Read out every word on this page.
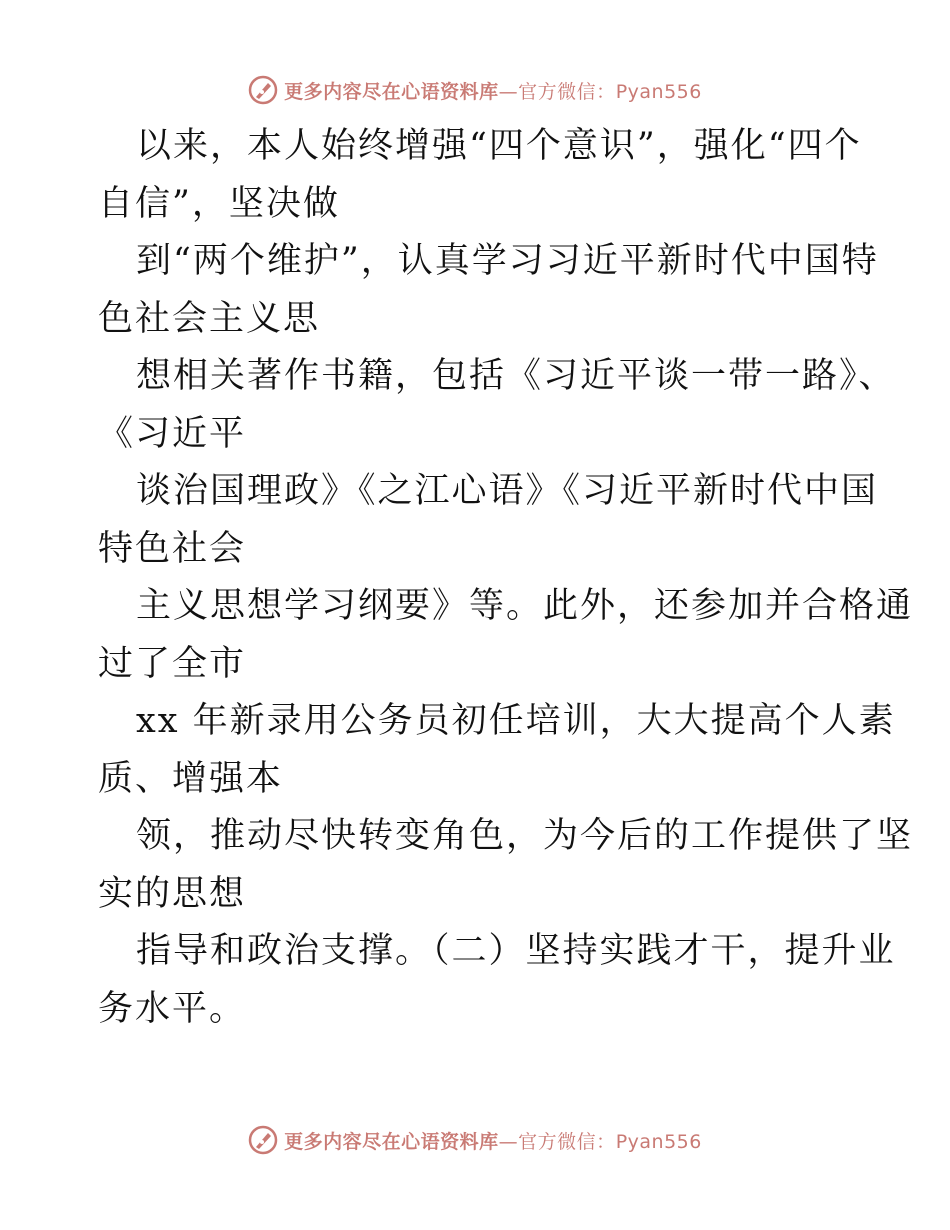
更多内容尽在心语资料库—官方微信：Pyan556
以来，本人始终增强“四个意识”，强化“四个
自信”，坚决做
到“两个维护”，认真学习习近平新时代中国特
色社会主义思
想相关著作书籍，包括《习近平谈一带一路》、
《习近平
谈治国理政》《之江心语》《习近平新时代中国
特色社会
主义思想学习纲要》等。此外，还参加并合格通
过了全市
xx 年新录用公务员初任培训，大大提高个人素
质、增强本
领，推动尽快转变角色，为今后的工作提供了坚
实的思想
指导和政治支撑。（二）坚持实践才干，提升业
务水平。
更多内容尽在心语资料库—官方微信：Pyan556
